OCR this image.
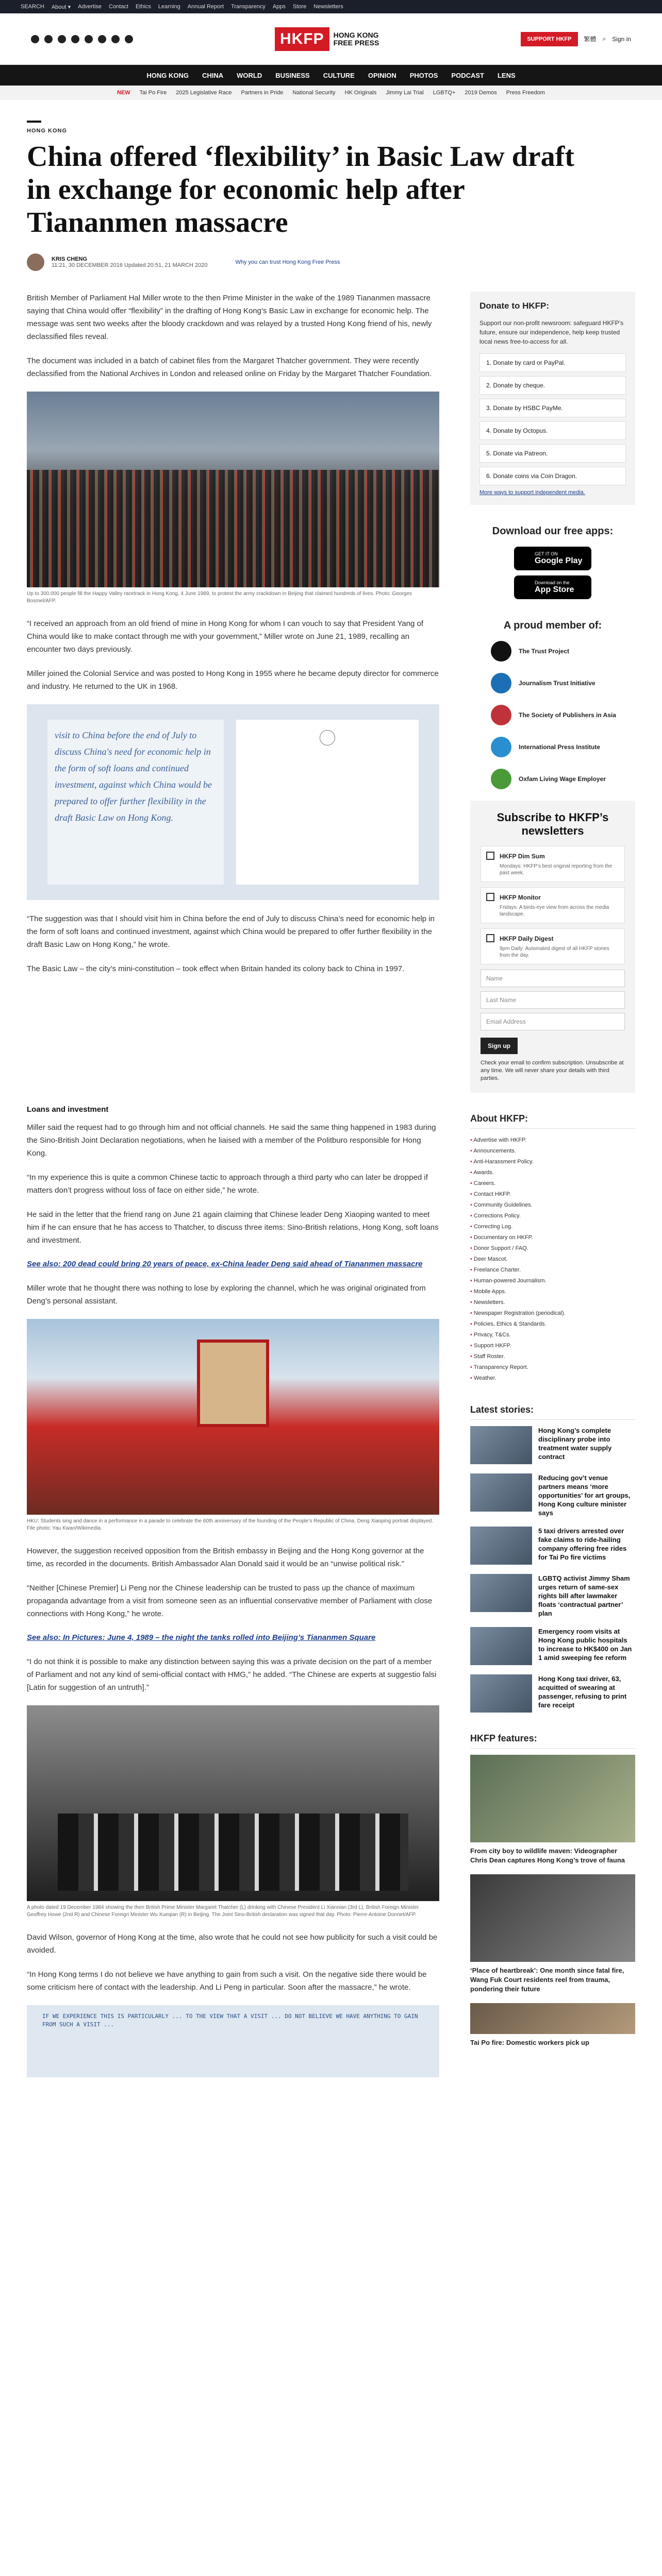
SEARCH About ▾ Advertise Contact Ethics Learning Annual Report Transparency Apps Store Newsletters
HKFP	HONG KONG
FREE PRESS	SUPPORT HKFP	繁體 ⌕ Sign in
HONG KONG CHINA WORLD BUSINESS CULTURE OPINION PHOTOS PODCAST LENS
NEW Tai Po Fire 2025 Legislative Race Partners in Pride National Security HK Originals Jimmy Lai Trial LGBTQ+ 2019 Demos Press Freedom
HONG KONG
China offered ‘flexibility’ in Basic Law draft in exchange for economic help after Tiananmen massacre
KRIS CHENG
11:21, 30 DECEMBER 2016 Updated 20:51, 21 MARCH 2020	Why you can trust Hong Kong Free Press

British Member of Parliament Hal Miller wrote to the then Prime Minister in the wake of the 1989 Tiananmen massacre saying that China would offer “flexibility” in the drafting of Hong Kong’s Basic Law in exchange for economic help. The message was sent two weeks after the bloody crackdown and was relayed by a trusted Hong Kong friend of his, newly declassified files reveal.

The document was included in a batch of cabinet files from the Margaret Thatcher government. They were recently declassified from the National Archives in London and released online on Friday by the Margaret Thatcher Foundation.

Up to 300,000 people fill the Happy Valley racetrack in Hong Kong, 4 June 1989, to protest the army crackdown in Beijing that claimed hundreds of lives. Photo: Georges Bosmel/AFP.

“I received an approach from an old friend of mine in Hong Kong for whom I can vouch to say that President Yang of China would like to make contact through me with your government,” Miller wrote on June 21, 1989, recalling an encounter two days previously.

Miller joined the Colonial Service and was posted to Hong Kong in 1955 where he became deputy director for commerce and industry. He returned to the UK in 1968.

visit to China before the end of July to discuss China's need for economic help in the form of soft loans and continued investment, against which China would be prepared to offer further flexibility in the draft Basic Law on Hong Kong.

“The suggestion was that I should visit him in China before the end of July to discuss China’s need for economic help in the form of soft loans and continued investment, against which China would be prepared to offer further flexibility in the draft Basic Law on Hong Kong,” he wrote.

The Basic Law – the city’s mini-constitution – took effect when Britain handed its colony back to China in 1997.

Loans and investment

Miller said the request had to go through him and not official channels. He said the same thing happened in 1983 during the Sino-British Joint Declaration negotiations, when he liaised with a member of the Politburo responsible for Hong Kong.

“In my experience this is quite a common Chinese tactic to approach through a third party who can later be dropped if matters don’t progress without loss of face on either side,” he wrote.

He said in the letter that the friend rang on June 21 again claiming that Chinese leader Deng Xiaoping wanted to meet him if he can ensure that he has access to Thatcher, to discuss three items: Sino-British relations, Hong Kong, soft loans and investment.

See also: 200 dead could bring 20 years of peace, ex-China leader Deng said ahead of Tiananmen massacre

Miller wrote that he thought there was nothing to lose by exploring the channel, which he was original originated from Deng’s personal assistant.

HKU: Students sing and dance in a performance in a parade to celebrate the 60th anniversary of the founding of the People’s Republic of China. Deng Xiaoping portrait displayed. File photo: Yau Kwan/Wikimedia.

However, the suggestion received opposition from the British embassy in Beijing and the Hong Kong governor at the time, as recorded in the documents. British Ambassador Alan Donald said it would be an “unwise political risk.”

“Neither [Chinese Premier] Li Peng nor the Chinese leadership can be trusted to pass up the chance of maximum propaganda advantage from a visit from someone seen as an influential conservative member of Parliament with close connections with Hong Kong,” he wrote.

See also: In Pictures: June 4, 1989 – the night the tanks rolled into Beijing’s Tiananmen Square

“I do not think it is possible to make any distinction between saying this was a private decision on the part of a member of Parliament and not any kind of semi-official contact with HMG,” he added. “The Chinese are experts at suggestio falsi [Latin for suggestion of an untruth].”

A photo dated 19 December 1984 showing the then British Prime Minister Margaret Thatcher (L) drinking with Chinese President Li Xiannian (3rd L), British Foreign Minister Geoffrey Howe (2nd R) and Chinese Foreign Minister Wu Xueqian (R) in Beijing. The Joint Sino-British declaration was signed that day. Photo: Pierre-Antoine Donnet/AFP.

David Wilson, governor of Hong Kong at the time, also wrote that he could not see how publicity for such a visit could be avoided.

“In Hong Kong terms I do not believe we have anything to gain from such a visit. On the negative side there would be some criticism here of contact with the leadership. And Li Peng in particular. Soon after the massacre,” he wrote.

IF WE EXPERIENCE THIS IS PARTICULARLY ... TO THE VIEW THAT A VISIT ... DO NOT BELIEVE WE HAVE ANYTHING TO GAIN FROM SUCH A VISIT ...
Donate to HKFP:

Support our non-profit newsroom: safeguard HKFP’s future, ensure our independence, help keep trusted local news free-to-access for all.

1. Donate by card or PayPal.
2. Donate by cheque.
3. Donate by HSBC PayMe.
4. Donate by Octopus.
5. Donate via Patreon.
6. Donate coins via Coin Dragon.
More ways to support independent media.
Download our free apps:
GET IT ON
Google Play
Download on the
App Store
A proud member of:
The Trust Project
Journalism Trust Initiative
The Society of Publishers in Asia
International Press Institute
Oxfam Living Wage Employer
Subscribe to HKFP’s newsletters
HKFP Dim Sum

Mondays: HKFP’s best original reporting from the past week.

HKFP Monitor

Fridays: A birds-eye view from across the media landscape.

HKFP Daily Digest

9pm Daily: Automated digest of all HKFP stories from the day.

Name
Last Name
Email Address
Sign up
Check your email to confirm subscription. Unsubscribe at any time. We will never share your details with third parties.
About HKFP:
• Advertise with HKFP.
• Announcements.
• Anti-Harassment Policy.
• Awards.
• Careers.
• Contact HKFP.
• Community Guidelines.
• Corrections Policy.
• Correcting Log.
• Documentary on HKFP.
• Donor Support / FAQ.
• Deer Mascot.
• Freelance Charter.
• Human-powered Journalism.
• Mobile Apps.
• Newsletters.
• Newspaper Registration (periodical).
• Policies, Ethics & Standards.
• Privacy, T&Cs.
• Support HKFP.
• Staff Roster.
• Transparency Report.
• Weather.
Latest stories:
Hong Kong’s complete disciplinary probe into treatment water supply contract
Reducing gov’t venue partners means ‘more opportunities’ for art groups, Hong Kong culture minister says
5 taxi drivers arrested over fake claims to ride-hailing company offering free rides for Tai Po fire victims
LGBTQ activist Jimmy Sham urges return of same-sex rights bill after lawmaker floats ‘contractual partner’ plan
Emergency room visits at Hong Kong public hospitals to increase to HK$400 on Jan 1 amid sweeping fee reform
Hong Kong taxi driver, 63, acquitted of swearing at passenger, refusing to print fare receipt
HKFP features:
From city boy to wildlife maven: Videographer Chris Dean captures Hong Kong’s trove of fauna
‘Place of heartbreak’: One month since fatal fire, Wang Fuk Court residents reel from trauma, pondering their future
Tai Po fire: Domestic workers pick up
